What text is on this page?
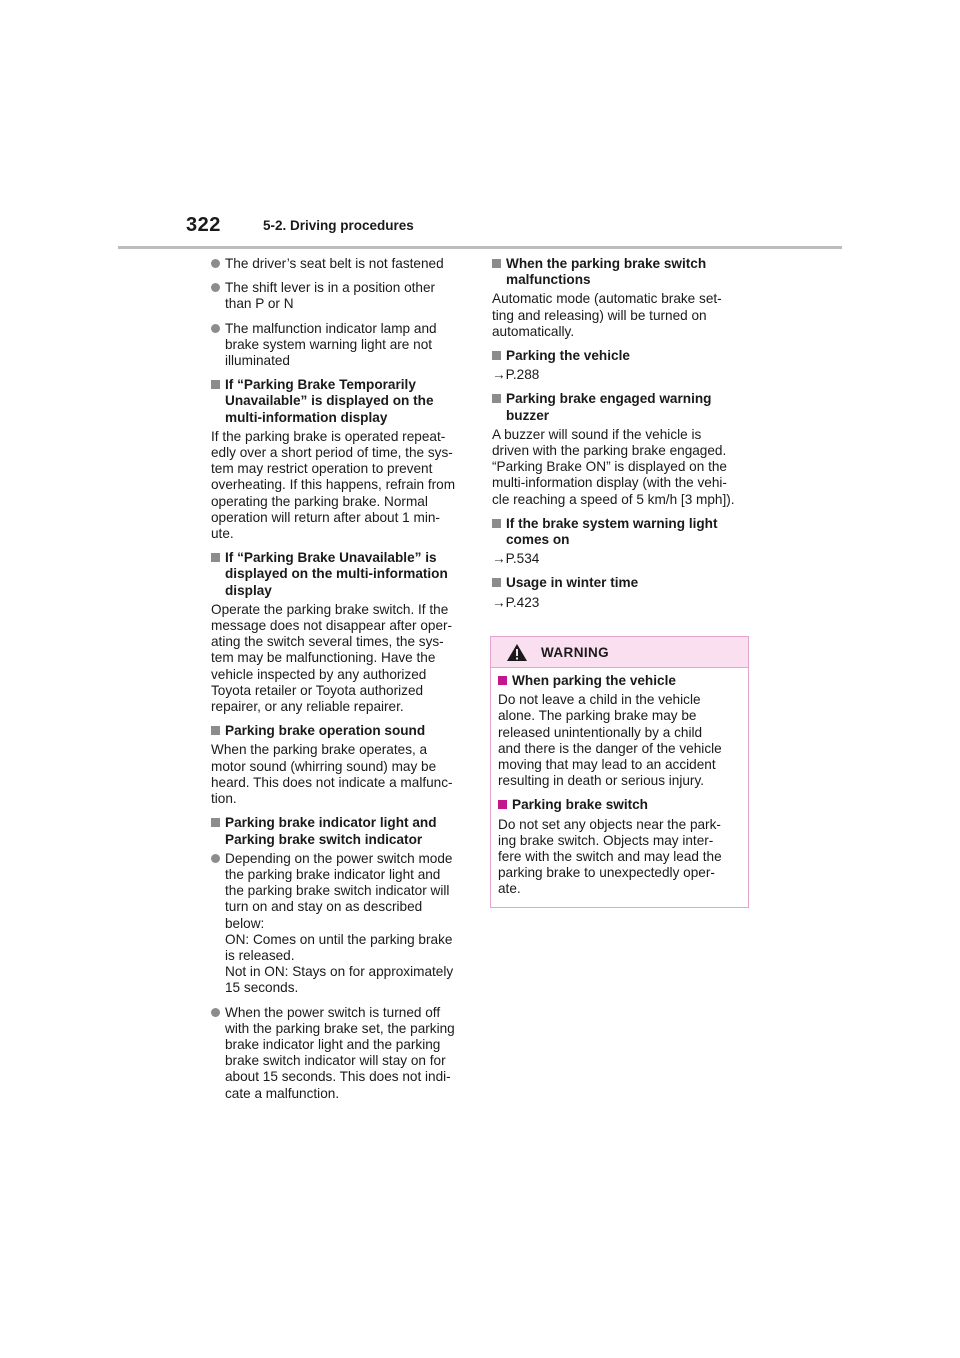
322	5-2. Driving procedures
The driver’s seat belt is not fastened
The shift lever is in a position other
than P or N
The malfunction indicator lamp and
brake system warning light are not
illuminated
If “Parking Brake Temporarily
Unavailable” is displayed on the
multi-information display
If the parking brake is operated repeat-
edly over a short period of time, the sys-
tem may restrict operation to prevent
overheating. If this happens, refrain from
operating the parking brake. Normal
operation will return after about 1 min-
ute.
If “Parking Brake Unavailable” is
displayed on the multi-information
display
Operate the parking brake switch. If the
message does not disappear after oper-
ating the switch several times, the sys-
tem may be malfunctioning. Have the
vehicle inspected by any authorized
Toyota retailer or Toyota authorized
repairer, or any reliable repairer.
Parking brake operation sound
When the parking brake operates, a
motor sound (whirring sound) may be
heard. This does not indicate a malfunc-
tion.
Parking brake indicator light and
Parking brake switch indicator
Depending on the power switch mode
the parking brake indicator light and
the parking brake switch indicator will
turn on and stay on as described
below:
ON: Comes on until the parking brake
is released.
Not in ON: Stays on for approximately
15 seconds.
When the power switch is turned off
with the parking brake set, the parking
brake indicator light and the parking
brake switch indicator will stay on for
about 15 seconds. This does not indi-
cate a malfunction.
When the parking brake switch
malfunctions
Automatic mode (automatic brake set-
ting and releasing) will be turned on
automatically.
Parking the vehicle
→P.288
Parking brake engaged warning
buzzer
A buzzer will sound if the vehicle is
driven with the parking brake engaged.
“Parking Brake ON” is displayed on the
multi-information display (with the vehi-
cle reaching a speed of 5 km/h [3 mph]).
If the brake system warning light
comes on
→P.534
Usage in winter time
→P.423
WARNING
When parking the vehicle
Do not leave a child in the vehicle
alone. The parking brake may be
released unintentionally by a child
and there is the danger of the vehicle
moving that may lead to an accident
resulting in death or serious injury.
Parking brake switch
Do not set any objects near the park-
ing brake switch. Objects may inter-
fere with the switch and may lead the
parking brake to unexpectedly oper-
ate.
